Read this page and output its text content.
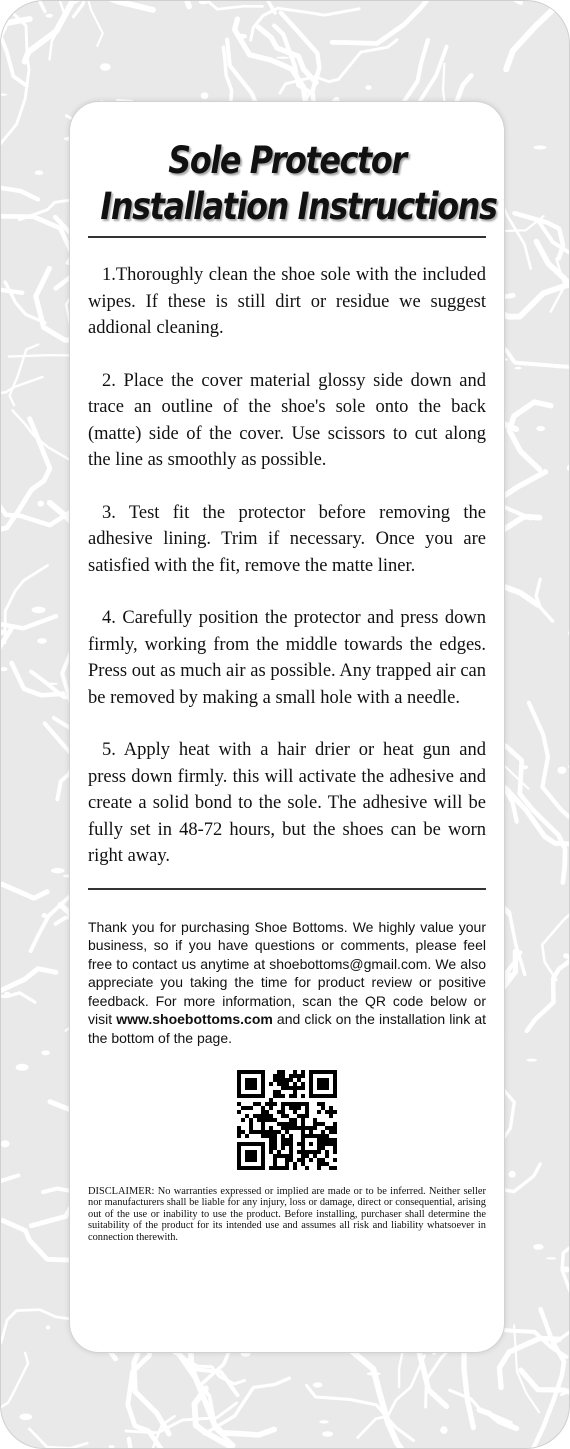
Sole Protector
Installation Instructions

1.Thoroughly clean the shoe sole with the included wipes. If these is still dirt or residue we suggest addional cleaning.

2. Place the cover material glossy side down and trace an outline of the shoe's sole onto the back (matte) side of the cover. Use scissors to cut along the line as smoothly as possible.

3. Test fit the protector before removing the adhesive lining. Trim if necessary. Once you are satisfied with the fit, remove the matte liner.

4. Carefully position the protector and press down firmly, working from the middle towards the edges. Press out as much air as possible. Any trapped air can be removed by making a small hole with a needle.

5. Apply heat with a hair drier or heat gun and press down firmly. this will activate the adhesive and create a solid bond to the sole. The adhesive will be fully set in 48-72 hours, but the shoes can be worn right away.

Thank you for purchasing Shoe Bottoms. We highly value your business, so if you have questions or comments, please feel free to contact us anytime at shoebottoms@gmail.com. We also appreciate you taking the time for product review or positive feedback. For more information, scan the QR code below or visit www.shoebottoms.com and click on the installation link at the bottom of the page.
DISCLAIMER: No warranties expressed or implied are made or to be inferred. Neither seller nor manufacturers shall be liable for any injury, loss or damage, direct or consequential, arising out of the use or inability to use the product. Before installing, purchaser shall determine the suitability of the product for its intended use and assumes all risk and liability whatsoever in connection therewith.
